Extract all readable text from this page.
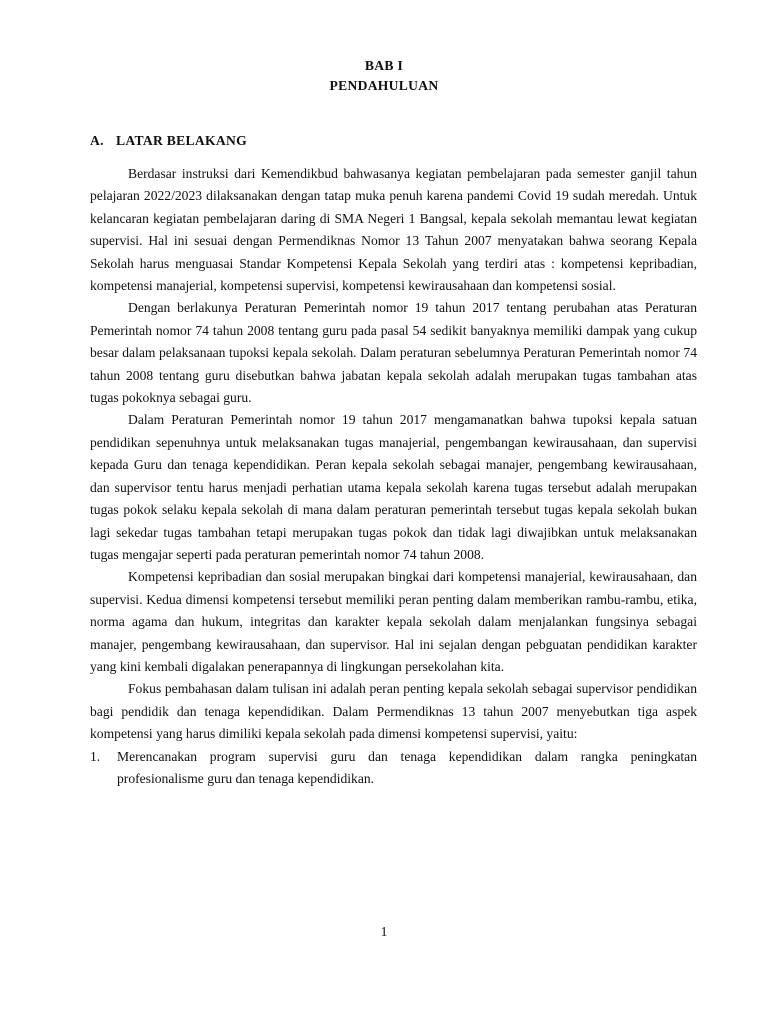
BAB I
PENDAHULUAN
A. LATAR BELAKANG

Berdasar instruksi dari Kemendikbud bahwasanya kegiatan pembelajaran pada semester ganjil tahun pelajaran 2022/2023 dilaksanakan dengan tatap muka penuh karena pandemi Covid 19 sudah meredah. Untuk kelancaran kegiatan pembelajaran daring di SMA Negeri 1 Bangsal, kepala sekolah memantau lewat kegiatan supervisi. Hal ini sesuai dengan Permendiknas Nomor 13 Tahun 2007 menyatakan bahwa seorang Kepala Sekolah harus menguasai Standar Kompetensi Kepala Sekolah yang terdiri atas : kompetensi kepribadian, kompetensi manajerial, kompetensi supervisi, kompetensi kewirausahaan dan kompetensi sosial.

Dengan berlakunya Peraturan Pemerintah nomor 19 tahun 2017 tentang perubahan atas Peraturan Pemerintah nomor 74 tahun 2008 tentang guru pada pasal 54 sedikit banyaknya memiliki dampak yang cukup besar dalam pelaksanaan tupoksi kepala sekolah. Dalam peraturan sebelumnya Peraturan Pemerintah nomor 74 tahun 2008 tentang guru disebutkan bahwa jabatan kepala sekolah adalah merupakan tugas tambahan atas tugas pokoknya sebagai guru.

Dalam Peraturan Pemerintah nomor 19 tahun 2017 mengamanatkan bahwa tupoksi kepala satuan pendidikan sepenuhnya untuk melaksanakan tugas manajerial, pengembangan kewirausahaan, dan supervisi kepada Guru dan tenaga kependidikan. Peran kepala sekolah sebagai manajer, pengembang kewirausahaan, dan supervisor tentu harus menjadi perhatian utama kepala sekolah karena tugas tersebut adalah merupakan tugas pokok selaku kepala sekolah di mana dalam peraturan pemerintah tersebut tugas kepala sekolah bukan lagi sekedar tugas tambahan tetapi merupakan tugas pokok dan tidak lagi diwajibkan untuk melaksanakan tugas mengajar seperti pada peraturan pemerintah nomor 74 tahun 2008.

Kompetensi kepribadian dan sosial merupakan bingkai dari kompetensi manajerial, kewirausahaan, dan supervisi. Kedua dimensi kompetensi tersebut memiliki peran penting dalam memberikan rambu-rambu, etika, norma agama dan hukum, integritas dan karakter kepala sekolah dalam menjalankan fungsinya sebagai manajer, pengembang kewirausahaan, dan supervisor. Hal ini sejalan dengan pebguatan pendidikan karakter yang kini kembali digalakan penerapannya di lingkungan persekolahan kita.

Fokus pembahasan dalam tulisan ini adalah peran penting kepala sekolah sebagai supervisor pendidikan bagi pendidik dan tenaga kependidikan. Dalam Permendiknas 13 tahun 2007 menyebutkan tiga aspek kompetensi yang harus dimiliki kepala sekolah pada dimensi kompetensi supervisi, yaitu:

1. Merencanakan program supervisi guru dan tenaga kependidikan dalam rangka peningkatan profesionalisme guru dan tenaga kependidikan.
1
